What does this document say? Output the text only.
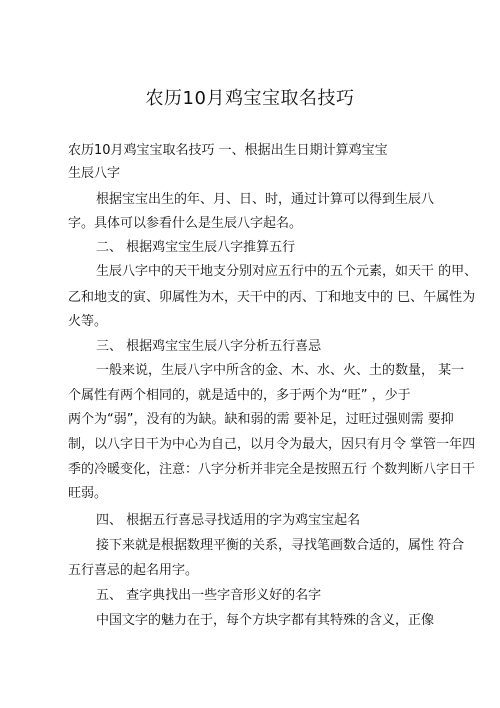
农历10月鸡宝宝取名技巧
农历10月鸡宝宝取名技巧 一、根据出生日期计算鸡宝宝
生辰八字
根据宝宝出生的年、月、日、时，通过计算可以得到生辰八
字。具体可以参看什么是生辰八字起名。
二、 根据鸡宝宝生辰八字推算五行
生辰八字中的天干地支分别对应五行中的五个元素，如天干 的甲、
乙和地支的寅、卯属性为木，天干中的丙、丁和地支中的 巳、午属性为
火等。
三、 根据鸡宝宝生辰八字分析五行喜忌
一般来说，生辰八字中所含的金、木、水、火、土的数量， 某一
个属性有两个相同的，就是适中的，多于两个为“旺” ，少于
两个为“弱”，没有的为缺。缺和弱的需 要补足，过旺过强则需 要抑
制，以八字日干为中心为自己，以月令为最大，因只有月令 掌管一年四
季的冷暖变化，注意：八字分析并非完全是按照五行 个数判断八字日干
旺弱。
四、 根据五行喜忌寻找适用的字为鸡宝宝起名
接下来就是根据数理平衡的关系，寻找笔画数合适的，属性 符合
五行喜忌的起名用字。
五、 查字典找出一些字音形义好的名字
中国文字的魅力在于，每个方块字都有其特殊的含义，正像
